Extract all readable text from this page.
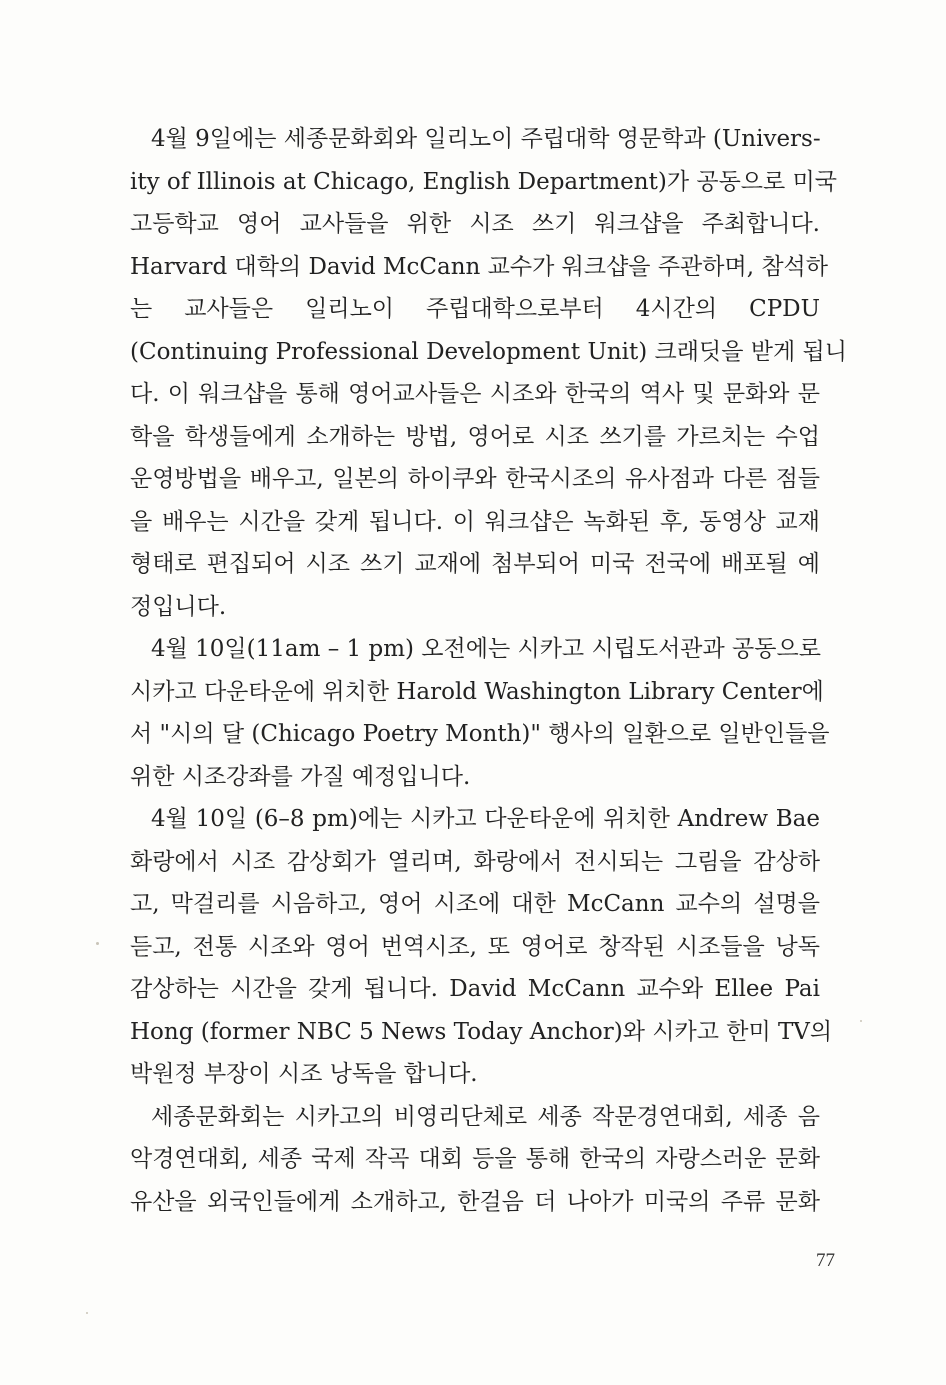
4월 9일에는 세종문화회와 일리노이 주립대학 영문학과 (Univers-
ity of Illinois at Chicago, English Department)가 공동으로 미국
고등학교 영어 교사들을 위한 시조 쓰기 워크샵을 주최합니다.
Harvard 대학의 David McCann 교수가 워크샵을 주관하며, 참석하
는 교사들은 일리노이 주립대학으로부터 4시간의 CPDU
(Continuing Professional Development Unit) 크래딧을 받게 됩니
다. 이 워크샵을 통해 영어교사들은 시조와 한국의 역사 및 문화와 문
학을 학생들에게 소개하는 방법, 영어로 시조 쓰기를 가르치는 수업
운영방법을 배우고, 일본의 하이쿠와 한국시조의 유사점과 다른 점들
을 배우는 시간을 갖게 됩니다. 이 워크샵은 녹화된 후, 동영상 교재
형태로 편집되어 시조 쓰기 교재에 첨부되어 미국 전국에 배포될 예
정입니다.
4월 10일(11am – 1 pm) 오전에는 시카고 시립도서관과 공동으로
시카고 다운타운에 위치한 Harold Washington Library Center에
서 "시의 달 (Chicago Poetry Month)" 행사의 일환으로 일반인들을
위한 시조강좌를 가질 예정입니다.
4월 10일 (6–8 pm)에는 시카고 다운타운에 위치한 Andrew Bae
화랑에서 시조 감상회가 열리며, 화랑에서 전시되는 그림을 감상하
고, 막걸리를 시음하고, 영어 시조에 대한 McCann 교수의 설명을
듣고, 전통 시조와 영어 번역시조, 또 영어로 창작된 시조들을 낭독
감상하는 시간을 갖게 됩니다. David McCann 교수와 Ellee Pai
Hong (former NBC 5 News Today Anchor)와 시카고 한미 TV의
박원정 부장이 시조 낭독을 합니다.
세종문화회는 시카고의 비영리단체로 세종 작문경연대회, 세종 음
악경연대회, 세종 국제 작곡 대회 등을 통해 한국의 자랑스러운 문화
유산을 외국인들에게 소개하고, 한걸음 더 나아가 미국의 주류 문화
77
